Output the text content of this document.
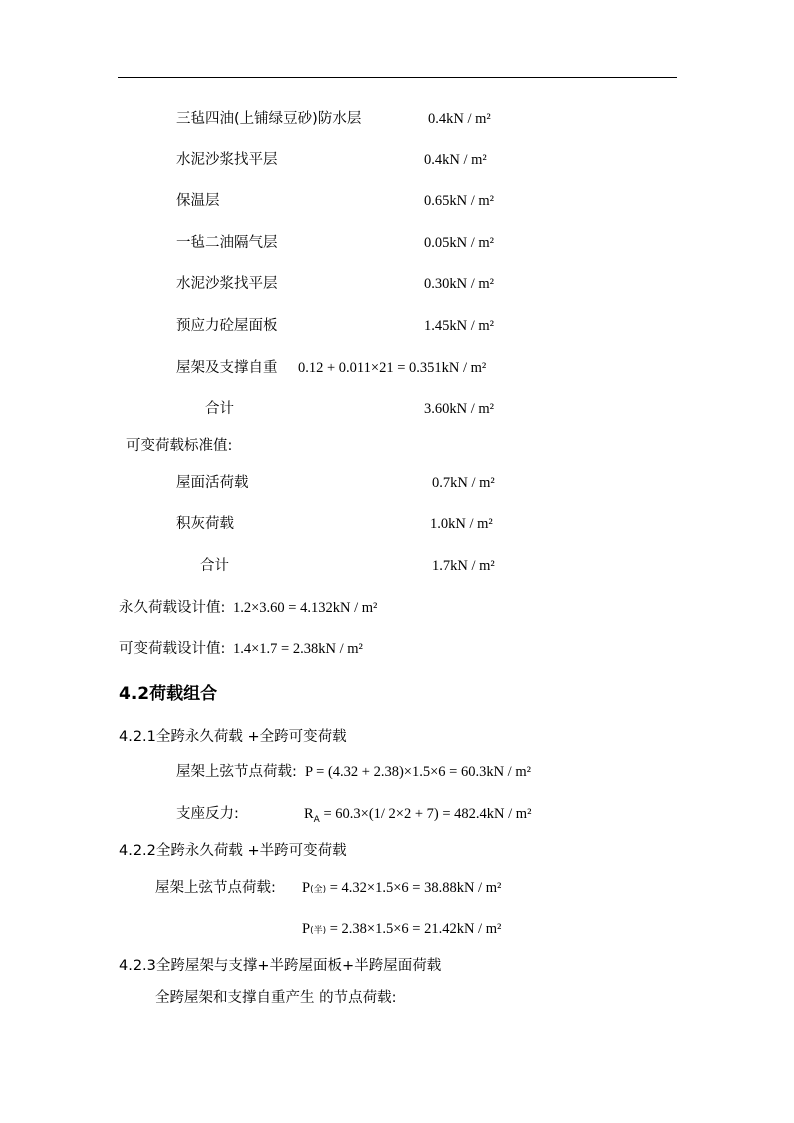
三毡四油(上铺绿豆砂)防水层	0.4kN / m²
水泥沙浆找平层	0.4kN / m²
保温层	0.65kN / m²
一毡二油隔气层	0.05kN / m²
水泥沙浆找平层	0.30kN / m²
预应力砼屋面板	1.45kN / m²
屋架及支撑自重 0.12 + 0.011×21 = 0.351kN / m²
合计	3.60kN / m²
可变荷载标准值:
屋面活荷载	0.7kN / m²
积灰荷载	1.0kN / m²
合计	1.7kN / m²
永久荷载设计值: 1.2×3.60 = 4.132kN / m²
可变荷载设计值: 1.4×1.7 = 2.38kN / m²
4.2荷载组合
4.2.1全跨永久荷载 +全跨可变荷载
屋架上弦节点荷载: P = (4.32 + 2.38)×1.5×6 = 60.3kN / m²
支座反力:	$R_A = 60.3\times(1/$ 2×2 + 7) = 482.4kN / m²
4.2.2全跨永久荷载 +半跨可变荷载
屋架上弦节点荷载: P(全) = 4.32×1.5×6 = 38.88kN / m²
P(半) = 2.38×1.5×6 = 21.42kN / m²
4.2.3全跨屋架与支撑+半跨屋面板+半跨屋面荷载
全跨屋架和支撑自重产生 的节点荷载:
